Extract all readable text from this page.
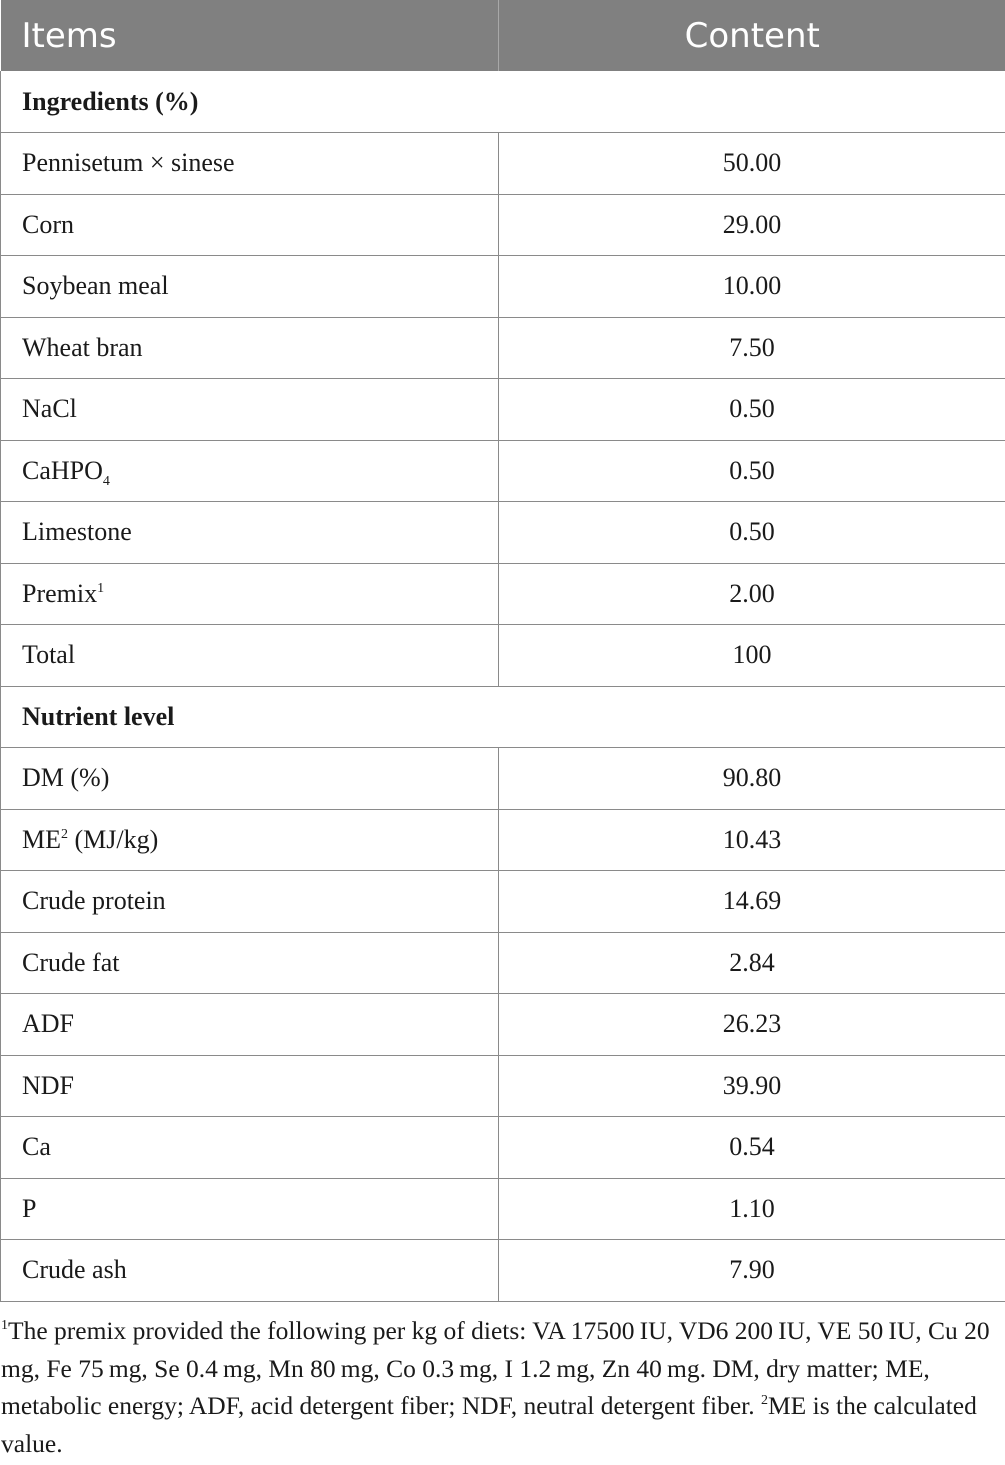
Items	Content
Ingredients (%)	
Pennisetum × sinese	50.00
Corn	29.00
Soybean meal	10.00
Wheat bran	7.50
NaCl	0.50
CaHPO$_4$	0.50
Limestone	0.50
Premix$^1$	2.00
Total	100
Nutrient level	
DM (%)	90.80
$ME^2$ (MJ/kg)	10.43
Crude protein	14.69
Crude fat	2.84
ADF	26.23
NDF	39.90
Ca	0.54
P	1.10
Crude ash	7.90

$^1$The premix provided the following per kg of diets: VA 17500 IU, VD6 200 IU, VE 50 IU, Cu 20 mg, Fe 75 mg, Se 0.4 mg, Mn 80 mg, Co 0.3 mg, I 1.2 mg, Zn 40 mg. DM, dry matter; ME, metabolic energy; ADF, acid detergent fiber; NDF, neutral detergent fiber. $^2$ME is the calculated value.
